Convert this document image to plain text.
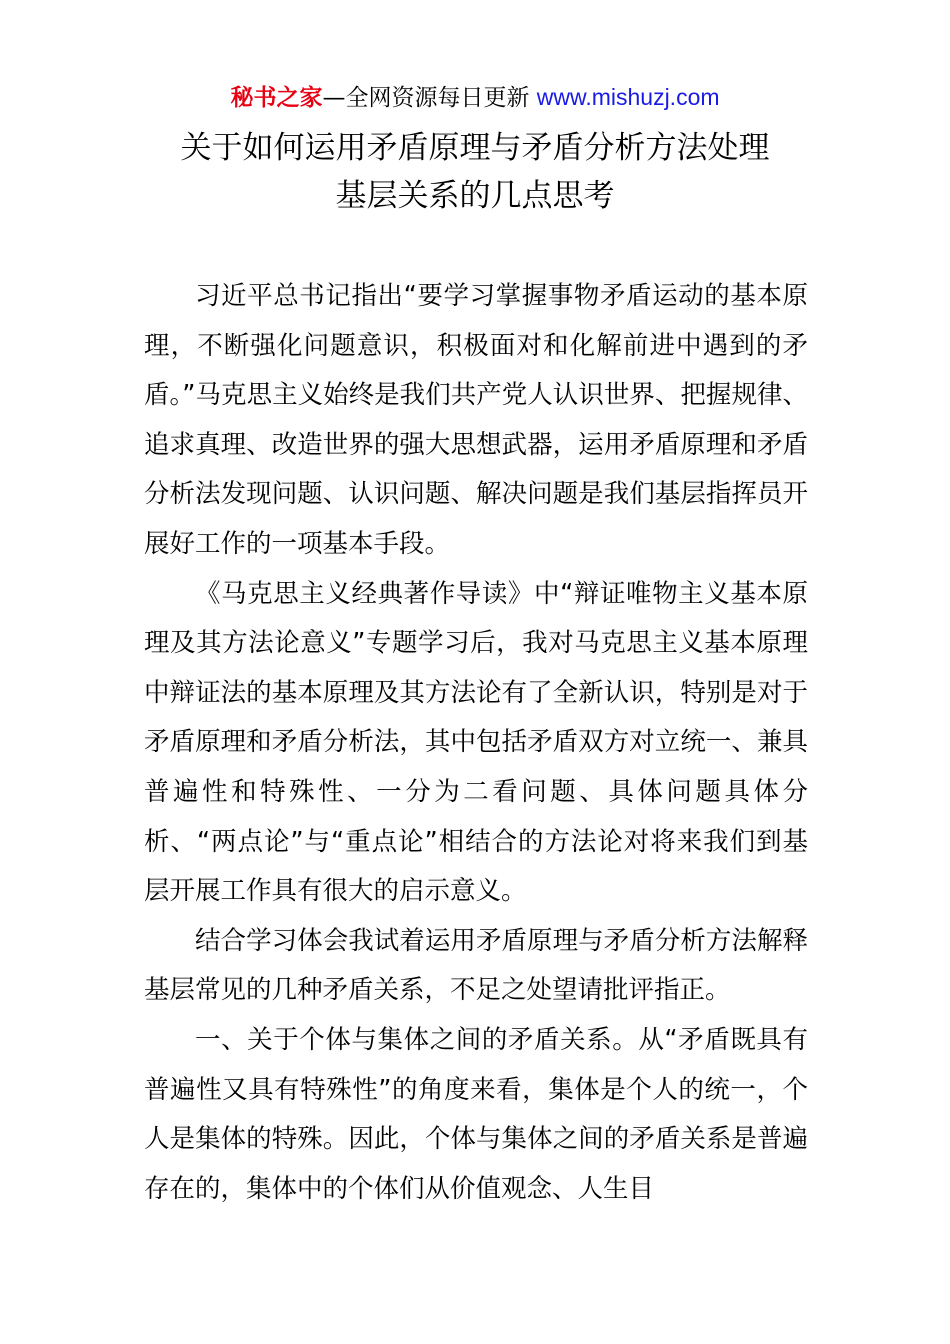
秘书之家—全网资源每日更新 www.mishuzj.com
关于如何运用矛盾原理与矛盾分析方法处理
基层关系的几点思考

习近平总书记指出“要学习掌握事物矛盾运动的基本原理，不断强化问题意识，积极面对和化解前进中遇到的矛盾。”马克思主义始终是我们共产党人认识世界、把握规律、追求真理、改造世界的强大思想武器，运用矛盾原理和矛盾分析法发现问题、认识问题、解决问题是我们基层指挥员开展好工作的一项基本手段。

《马克思主义经典著作导读》中“辩证唯物主义基本原理及其方法论意义”专题学习后，我对马克思主义基本原理中辩证法的基本原理及其方法论有了全新认识，特别是对于矛盾原理和矛盾分析法，其中包括矛盾双方对立统一、兼具普遍性和特殊性、一分为二看问题、具体问题具体分析、“两点论”与“重点论”相结合的方法论对将来我们到基层开展工作具有很大的启示意义。

结合学习体会我试着运用矛盾原理与矛盾分析方法解释基层常见的几种矛盾关系，不足之处望请批评指正。

一、关于个体与集体之间的矛盾关系。从“矛盾既具有普遍性又具有特殊性”的角度来看，集体是个人的统一，个人是集体的特殊。因此，个体与集体之间的矛盾关系是普遍存在的，集体中的个体们从价值观念、人生目
